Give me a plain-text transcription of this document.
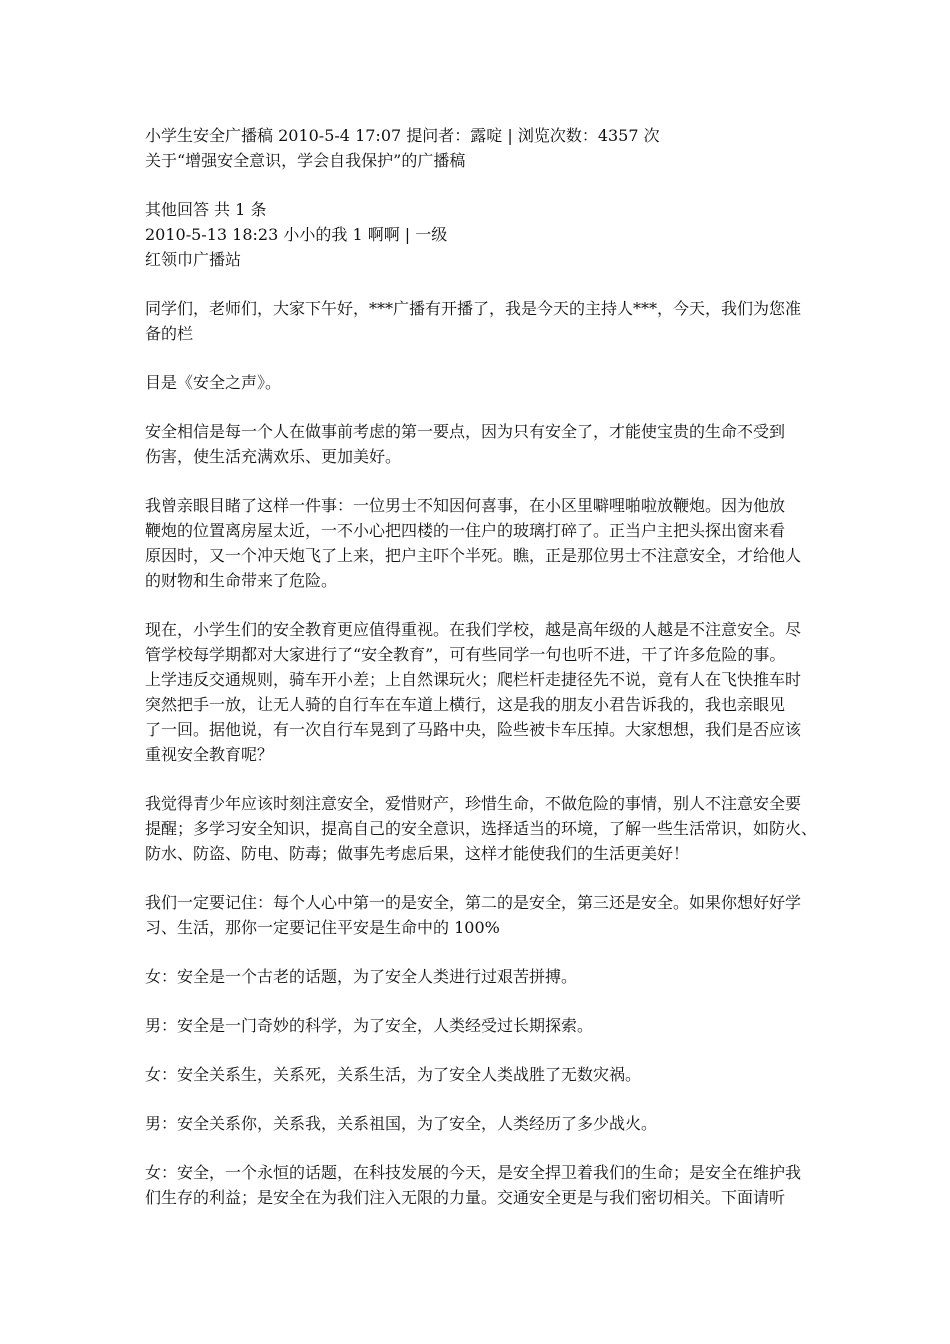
小学生安全广播稿 2010-5-4 17:07 提问者：露啶 | 浏览次数：4357 次
关于“增强安全意识，学会自我保护”的广播稿
其他回答 共 1 条
2010-5-13 18:23 小小的我 1 啊啊 | 一级
红领巾广播站
同学们，老师们，大家下午好，***广播有开播了，我是今天的主持人***，今天，我们为您准
备的栏
目是《安全之声》。
安全相信是每一个人在做事前考虑的第一要点，因为只有安全了，才能使宝贵的生命不受到
伤害，使生活充满欢乐、更加美好。
我曾亲眼目睹了这样一件事：一位男士不知因何喜事，在小区里噼哩啪啦放鞭炮。因为他放
鞭炮的位置离房屋太近，一不小心把四楼的一住户的玻璃打碎了。正当户主把头探出窗来看
原因时，又一个冲天炮飞了上来，把户主吓个半死。瞧，正是那位男士不注意安全，才给他人
的财物和生命带来了危险。
现在，小学生们的安全教育更应值得重视。在我们学校，越是高年级的人越是不注意安全。尽
管学校每学期都对大家进行了“安全教育”，可有些同学一句也听不进，干了许多危险的事。
上学违反交通规则，骑车开小差；上自然课玩火；爬栏杆走捷径先不说，竟有人在飞快推车时
突然把手一放，让无人骑的自行车在车道上横行，这是我的朋友小君告诉我的，我也亲眼见
了一回。据他说，有一次自行车晃到了马路中央，险些被卡车压掉。大家想想，我们是否应该
重视安全教育呢？
我觉得青少年应该时刻注意安全，爱惜财产，珍惜生命，不做危险的事情，别人不注意安全要
提醒；多学习安全知识，提高自己的安全意识，选择适当的环境，了解一些生活常识，如防火、
防水、防盗、防电、防毒；做事先考虑后果，这样才能使我们的生活更美好！
我们一定要记住：每个人心中第一的是安全，第二的是安全，第三还是安全。如果你想好好学
习、生活，那你一定要记住平安是生命中的 100%
女：安全是一个古老的话题，为了安全人类进行过艰苦拼搏。
男：安全是一门奇妙的科学，为了安全，人类经受过长期探索。
女：安全关系生，关系死，关系生活，为了安全人类战胜了无数灾祸。
男：安全关系你，关系我，关系祖国，为了安全，人类经历了多少战火。
女：安全，一个永恒的话题，在科技发展的今天，是安全捍卫着我们的生命；是安全在维护我
们生存的利益；是安全在为我们注入无限的力量。交通安全更是与我们密切相关。下面请听
